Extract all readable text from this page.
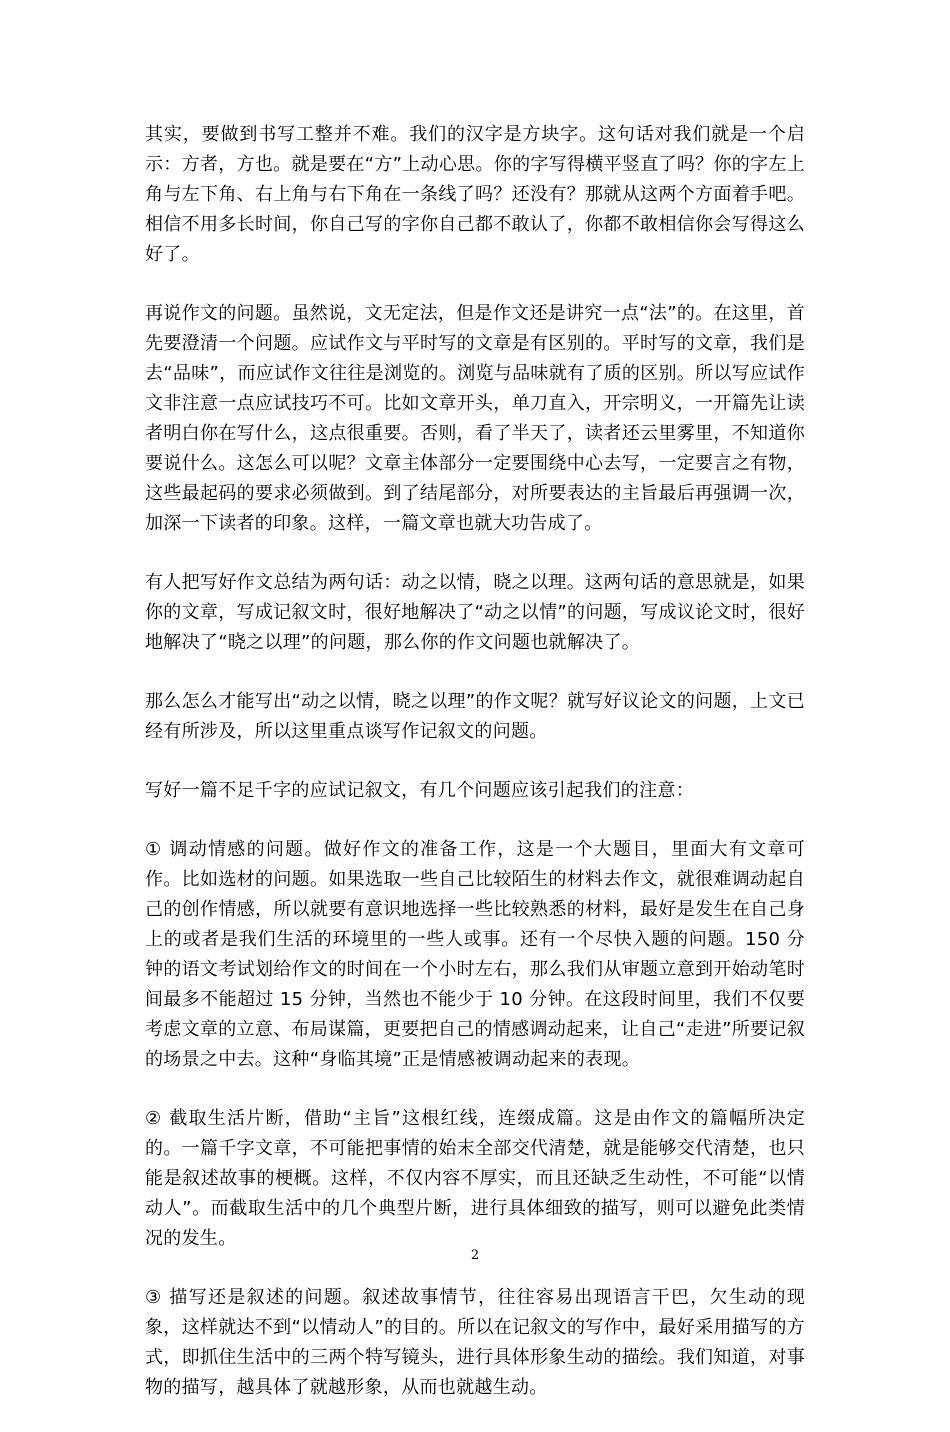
其实，要做到书写工整并不难。我们的汉字是方块字。这句话对我们就是一个启示：方者，方也。就是要在“方”上动心思。你的字写得横平竖直了吗？你的字左上角与左下角、右上角与右下角在一条线了吗？还没有？那就从这两个方面着手吧。相信不用多长时间，你自己写的字你自己都不敢认了，你都不敢相信你会写得这么好了。

再说作文的问题。虽然说，文无定法，但是作文还是讲究一点“法”的。在这里，首先要澄清一个问题。应试作文与平时写的文章是有区别的。平时写的文章，我们是去“品味”，而应试作文往往是浏览的。浏览与品味就有了质的区别。所以写应试作文非注意一点应试技巧不可。比如文章开头，单刀直入，开宗明义，一开篇先让读者明白你在写什么，这点很重要。否则，看了半天了，读者还云里雾里，不知道你要说什么。这怎么可以呢？文章主体部分一定要围绕中心去写，一定要言之有物，这些最起码的要求必须做到。到了结尾部分，对所要表达的主旨最后再强调一次，加深一下读者的印象。这样，一篇文章也就大功告成了。

有人把写好作文总结为两句话：动之以情，晓之以理。这两句话的意思就是，如果你的文章，写成记叙文时，很好地解决了“动之以情”的问题，写成议论文时，很好地解决了“晓之以理”的问题，那么你的作文问题也就解决了。

那么怎么才能写出“动之以情，晓之以理”的作文呢？就写好议论文的问题，上文已经有所涉及，所以这里重点谈写作记叙文的问题。

写好一篇不足千字的应试记叙文，有几个问题应该引起我们的注意：

① 调动情感的问题。做好作文的准备工作，这是一个大题目，里面大有文章可作。比如选材的问题。如果选取一些自己比较陌生的材料去作文，就很难调动起自己的创作情感，所以就要有意识地选择一些比较熟悉的材料，最好是发生在自己身上的或者是我们生活的环境里的一些人或事。还有一个尽快入题的问题。150 分钟的语文考试划给作文的时间在一个小时左右，那么我们从审题立意到开始动笔时间最多不能超过 15 分钟，当然也不能少于 10 分钟。在这段时间里，我们不仅要考虑文章的立意、布局谋篇，更要把自己的情感调动起来，让自己“走进”所要记叙的场景之中去。这种“身临其境”正是情感被调动起来的表现。

② 截取生活片断，借助“主旨”这根红线，连缀成篇。这是由作文的篇幅所决定的。一篇千字文章，不可能把事情的始末全部交代清楚，就是能够交代清楚，也只能是叙述故事的梗概。这样，不仅内容不厚实，而且还缺乏生动性，不可能“以情动人”。而截取生活中的几个典型片断，进行具体细致的描写，则可以避免此类情况的发生。

③ 描写还是叙述的问题。叙述故事情节，往往容易出现语言干巴，欠生动的现象，这样就达不到“以情动人”的目的。所以在记叙文的写作中，最好采用描写的方式，即抓住生活中的三两个特写镜头，进行具体形象生动的描绘。我们知道，对事物的描写，越具体了就越形象，从而也就越生动。

2
